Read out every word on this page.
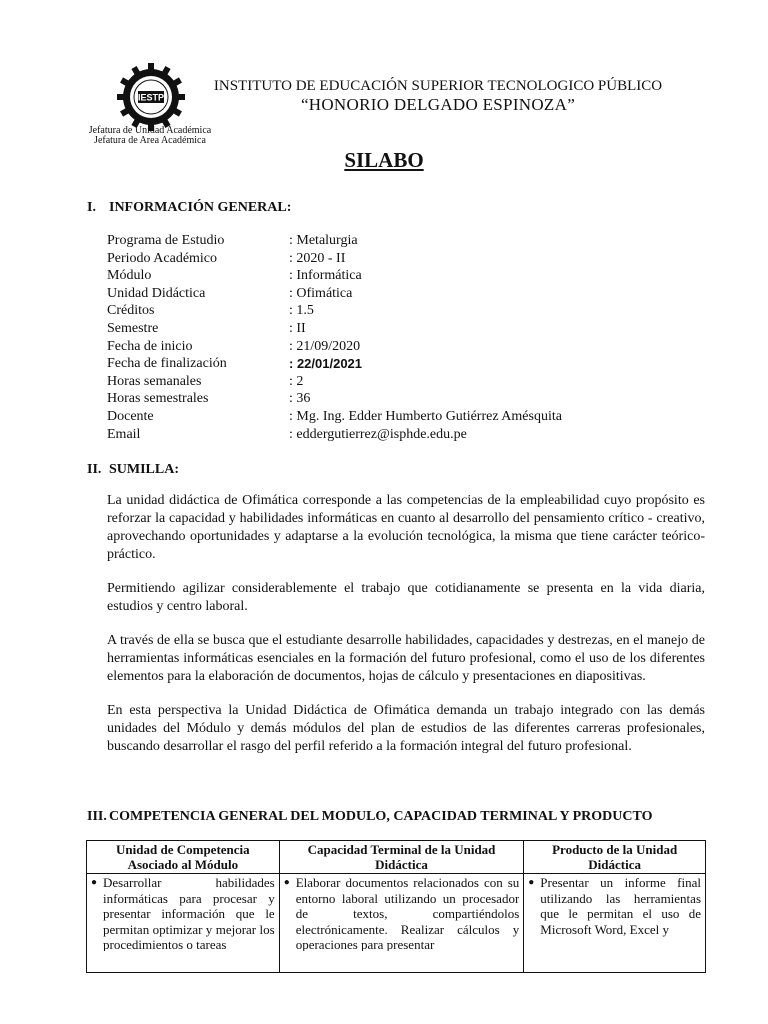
IESTP
Jefatura de Unidad Académica
Jefatura de Area Académica
INSTITUTO DE EDUCACIÓN SUPERIOR TECNOLOGICO PÚBLICO
“HONORIO DELGADO ESPINOZA”
SILABO
I. INFORMACIÓN GENERAL:
Programa de Estudio	: Metalurgia
Periodo Académico	: 2020 - II
Módulo	: Informática
Unidad Didáctica	: Ofimática
Créditos	: 1.5
Semestre	: II
Fecha de inicio	: 21/09/2020
Fecha de finalización	: 22/01/2021
Horas semanales	: 2
Horas semestrales	: 36
Docente	: Mg. Ing. Edder Humberto Gutiérrez Amésquita
Email	: eddergutierrez@isphde.edu.pe
II. SUMILLA:

La unidad didáctica de Ofimática corresponde a las competencias de la empleabilidad cuyo propósito es reforzar la capacidad y habilidades informáticas en cuanto al desarrollo del pensamiento crítico - creativo, aprovechando oportunidades y adaptarse a la evolución tecnológica, la misma que tiene carácter teórico-práctico.

Permitiendo agilizar considerablemente el trabajo que cotidianamente se presenta en la vida diaria, estudios y centro laboral.

A través de ella se busca que el estudiante desarrolle habilidades, capacidades y destrezas, en el manejo de herramientas informáticas esenciales en la formación del futuro profesional, como el uso de los diferentes elementos para la elaboración de documentos, hojas de cálculo y presentaciones en diapositivas.

En esta perspectiva la Unidad Didáctica de Ofimática demanda un trabajo integrado con las demás unidades del Módulo y demás módulos del plan de estudios de las diferentes carreras profesionales, buscando desarrollar el rasgo del perfil referido a la formación integral del futuro profesional.

III. COMPETENCIA GENERAL DEL MODULO, CAPACIDAD TERMINAL Y PRODUCTO
Unidad de Competencia Asociado al Módulo	Capacidad Terminal de la Unidad Didáctica	Producto de la Unidad Didáctica

● Desarrollar habilidades informáticas para procesar y presentar información que le permitan optimizar y mejorar los procedimientos o tareas	● Elaborar documentos relacionados con su entorno laboral utilizando un procesador de textos, compartiéndolos electrónicamente. Realizar cálculos y operaciones para presentar	● Presentar un informe final utilizando las herramientas que le permitan el uso de Microsoft Word, Excel y
